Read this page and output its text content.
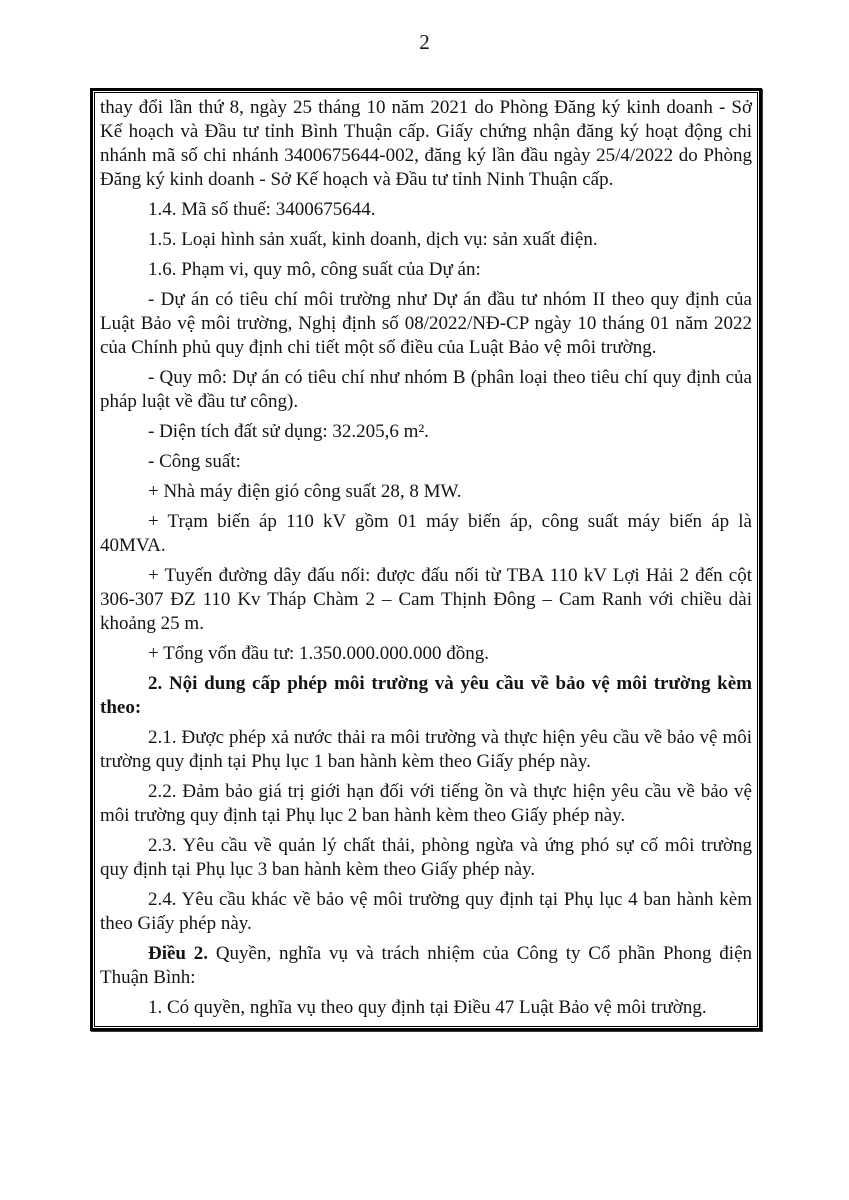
2

thay đổi lần thứ 8, ngày 25 tháng 10 năm 2021 do Phòng Đăng ký kinh doanh - Sở Kế hoạch và Đầu tư tỉnh Bình Thuận cấp. Giấy chứng nhận đăng ký hoạt động chi nhánh mã số chi nhánh 3400675644-002, đăng ký lần đầu ngày 25/4/2022 do Phòng Đăng ký kinh doanh - Sở Kế hoạch và Đầu tư tỉnh Ninh Thuận cấp.

1.4. Mã số thuế: 3400675644.

1.5. Loại hình sản xuất, kinh doanh, dịch vụ: sản xuất điện.

1.6. Phạm vi, quy mô, công suất của Dự án:

- Dự án có tiêu chí môi trường như Dự án đầu tư nhóm II theo quy định của Luật Bảo vệ môi trường, Nghị định số 08/2022/NĐ-CP ngày 10 tháng 01 năm 2022 của Chính phủ quy định chi tiết một số điều của Luật Bảo vệ môi trường.

- Quy mô: Dự án có tiêu chí như nhóm B (phân loại theo tiêu chí quy định của pháp luật về đầu tư công).

- Diện tích đất sử dụng: 32.205,6 m².

- Công suất:

+ Nhà máy điện gió công suất 28, 8 MW.

+ Trạm biến áp 110 kV gồm 01 máy biến áp, công suất máy biến áp là 40MVA.

+ Tuyến đường dây đấu nối: được đấu nối từ TBA 110 kV Lợi Hải 2 đến cột 306-307 ĐZ 110 Kv Tháp Chàm 2 – Cam Thịnh Đông – Cam Ranh với chiều dài khoảng 25 m.

+ Tổng vốn đầu tư: 1.350.000.000.000 đồng.

2. Nội dung cấp phép môi trường và yêu cầu về bảo vệ môi trường kèm theo:

2.1. Được phép xả nước thải ra môi trường và thực hiện yêu cầu về bảo vệ môi trường quy định tại Phụ lục 1 ban hành kèm theo Giấy phép này.

2.2. Đảm bảo giá trị giới hạn đối với tiếng ồn và thực hiện yêu cầu về bảo vệ môi trường quy định tại Phụ lục 2 ban hành kèm theo Giấy phép này.

2.3. Yêu cầu về quản lý chất thải, phòng ngừa và ứng phó sự cố môi trường quy định tại Phụ lục 3 ban hành kèm theo Giấy phép này.

2.4. Yêu cầu khác về bảo vệ môi trường quy định tại Phụ lục 4 ban hành kèm theo Giấy phép này.

Điều 2. Quyền, nghĩa vụ và trách nhiệm của Công ty Cổ phần Phong điện Thuận Bình:

1. Có quyền, nghĩa vụ theo quy định tại Điều 47 Luật Bảo vệ môi trường.
